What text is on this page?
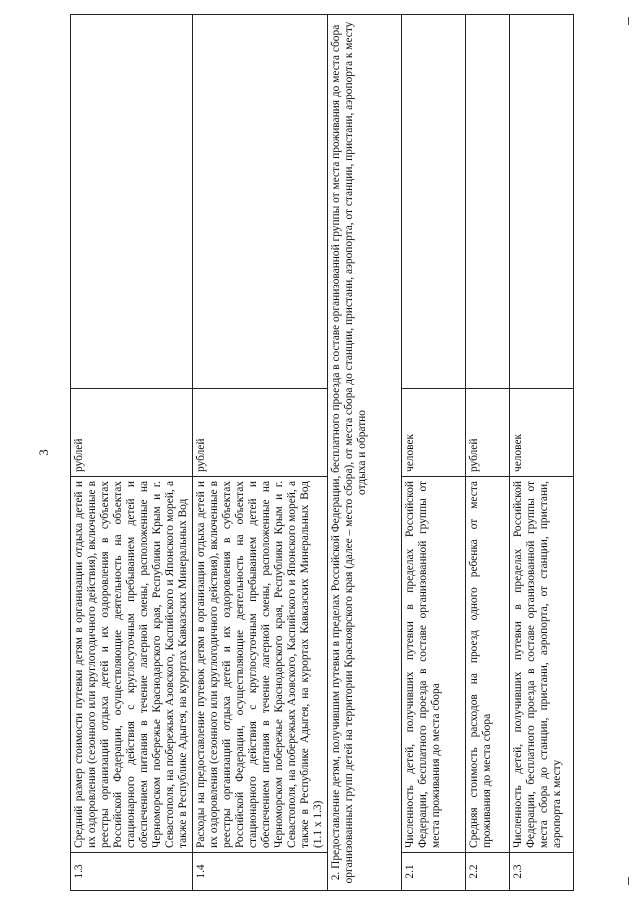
3
1.3	Средний размер стоимости путевки детям в организации отдыха детей и их оздоровления (сезонного или круглогодичного действия), включенные в реестры организаций отдыха детей и их оздоровления в субъектах Российской Федерации, осуществляющие деятельность на объектах стационарного действия с круглосуточным пребыванием детей и обеспечением питания в течение лагерной смены, расположенные на Черноморском побережье Краснодарского края, Республики Крым и г. Севастополя, на побережьях Азовского, Каспийского и Японского морей, а также в Республике Адыгея, на курортах Кавказских Минеральных Вод	рублей	
1.4	Расходы на предоставление путевок детям в организации отдыха детей и их оздоровления (сезонного или круглогодичного действия), включенные в реестры организаций отдыха детей и их оздоровления в субъектах Российской Федерации, осуществляющие деятельность на объектах стационарного действия с круглосуточным пребыванием детей и обеспечением питания в течение лагерной смены, расположенные на Черноморском побережье Краснодарского края, Республики Крым и г. Севастополя, на побережьях Азовского, Каспийского и Японского морей, а также в Республике Адыгея, на курортах Кавказских Минеральных Вод (1.1 х 1.3)	рублей	
2. Предоставление детям, получившим путевки в пределах Российской Федерации, бесплатного проезда в составе организованной группы от места проживания до места сбора организованных групп детей на территории Красноярского края (далее – место сбора), от места сбора до станции, пристани, аэропорта, от станции, пристани, аэропорта к месту отдыха и обратно			
2.1	Численность детей, получивших путевки в пределах Российской Федерации, бесплатного проезда в составе организованной группы от места проживания до места сбора	человек	
2.2	Средняя стоимость расходов на проезд одного ребенка от места проживания до места сбора	рублей	
2.3	Численность детей, получивших путевки в пределах Российской Федерации, бесплатного проезда в составе организованной группы от места сбора до станции, пристани, аэропорта, от станции, пристани, аэропорта к месту	человек	
